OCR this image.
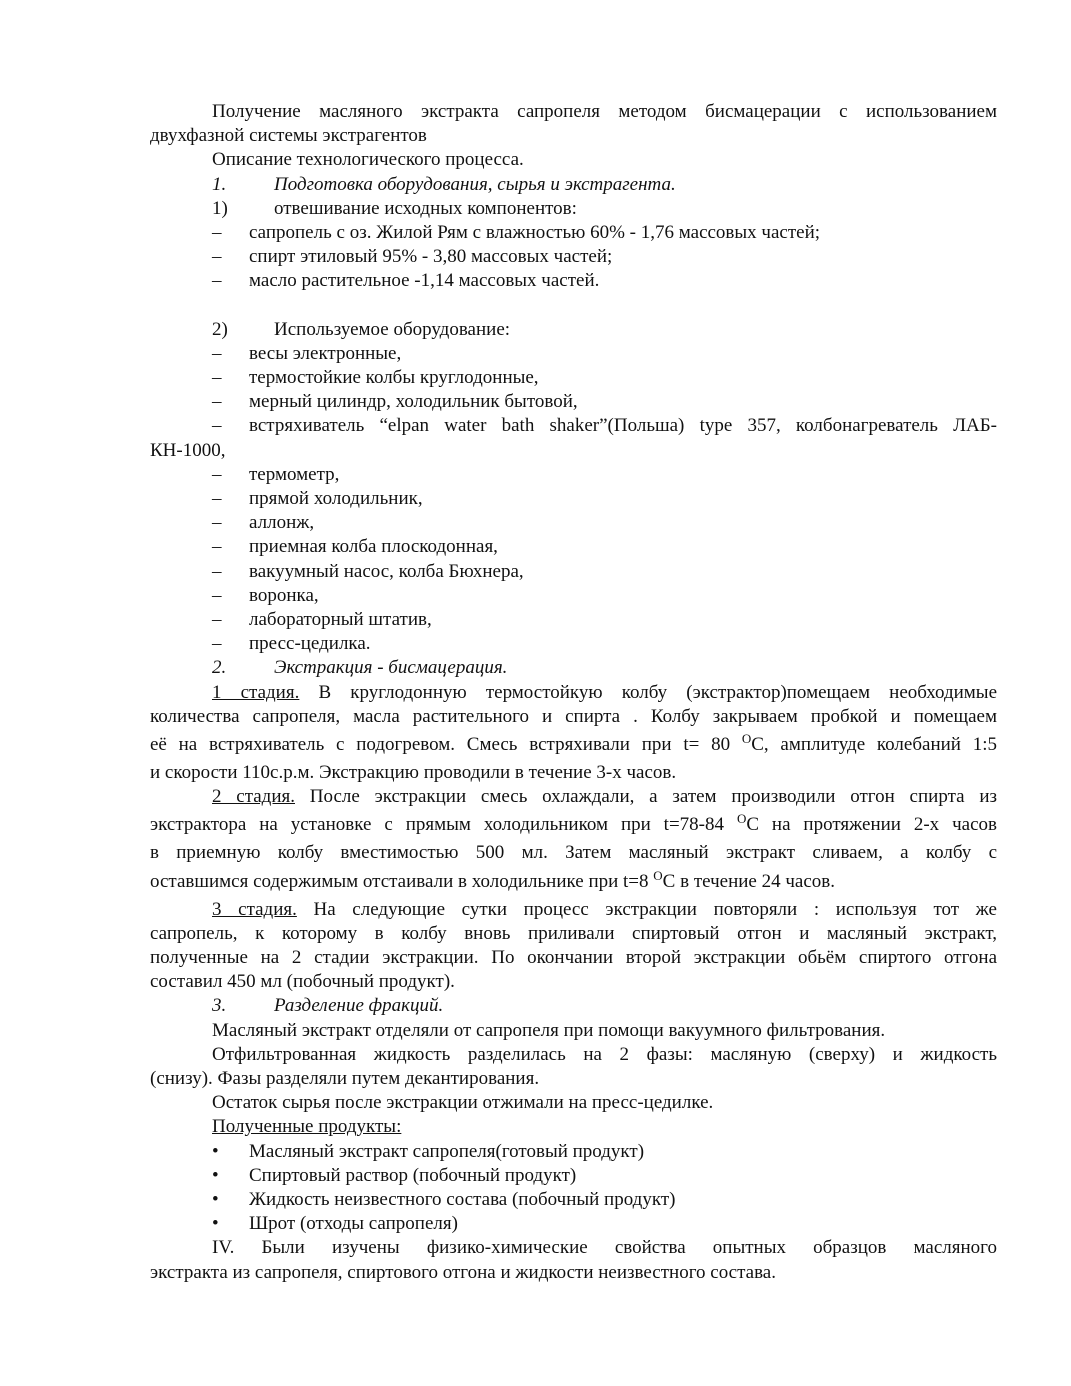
Получение масляного экстракта сапропеля методом бисмацерации с использованием
двухфазной системы экстрагентов
Описание технологического процесса.
1.	Подготовка оборудования, сырья и экстрагента.
1) отвешивание исходных компонентов:
– сапропель с оз. Жилой Рям с влажностью 60% - 1,76 массовых частей;
– спирт этиловый 95% - 3,80 массовых частей;
– масло растительное -1,14 массовых частей.
2) Используемое оборудование:
– весы электронные,
– термостойкие колбы круглодонные,
– мерный цилиндр, холодильник бытовой,
– встряхиватель “elpan water bath shaker”(Польша) type 357, колбонагреватель ЛАБ-
КН-1000,
– термометр,
– прямой холодильник,
– аллонж,
– приемная колба плоскодонная,
– вакуумный насос, колба Бюхнера,
– воронка,
– лабораторный штатив,
– пресс-цедилка.
2.	Экстракция - бисмацерация.
1 стадия. В круглодонную термостойкую колбу (экстрактор)помещаем необходимые
количества сапропеля, масла растительного и спирта . Колбу закрываем пробкой и помещаем
её на встряхиватель с подогревом. Смесь встряхивали при t= 80 $^О$С, амплитуде колебаний 1:5
и скорости 110с.р.м. Экстракцию проводили в течение 3-х часов.
2 стадия. После экстракции смесь охлаждали, а затем производили отгон спирта из
экстрактора на установке с прямым холодильником при t=78-84 $^О$С на протяжении 2-х часов
в приемную колбу вместимостью 500 мл. Затем масляный экстракт сливаем, а колбу с
оставшимся содержимым отстаивали в холодильнике при t=8 $^О$С в течение 24 часов.
3 стадия. На следующие сутки процесс экстракции повторяли : используя тот же
сапропель, к которому в колбу вновь приливали спиртовый отгон и масляный экстракт,
полученные на 2 стадии экстракции. По окончании второй экстракции обьём спиртого отгона
составил 450 мл (побочный продукт).
3.	Разделение фракций.
Масляный экстракт отделяли от сапропеля при помощи вакуумного фильтрования.
Отфильтрованная жидкость разделилась на 2 фазы: масляную (сверху) и жидкость
(снизу). Фазы разделяли путем декантирования.
Остаток сырья после экстракции отжимали на пресс-цедилке.
Полученные продукты:
• Масляный экстракт сапропеля(готовый продукт)
• Спиртовый раствор (побочный продукт)
• Жидкость неизвестного состава (побочный продукт)
• Шрот (отходы сапропеля)
IV. Были изучены физико-химические свойства опытных образцов масляного
экстракта из сапропеля, спиртового отгона и жидкости неизвестного состава.
